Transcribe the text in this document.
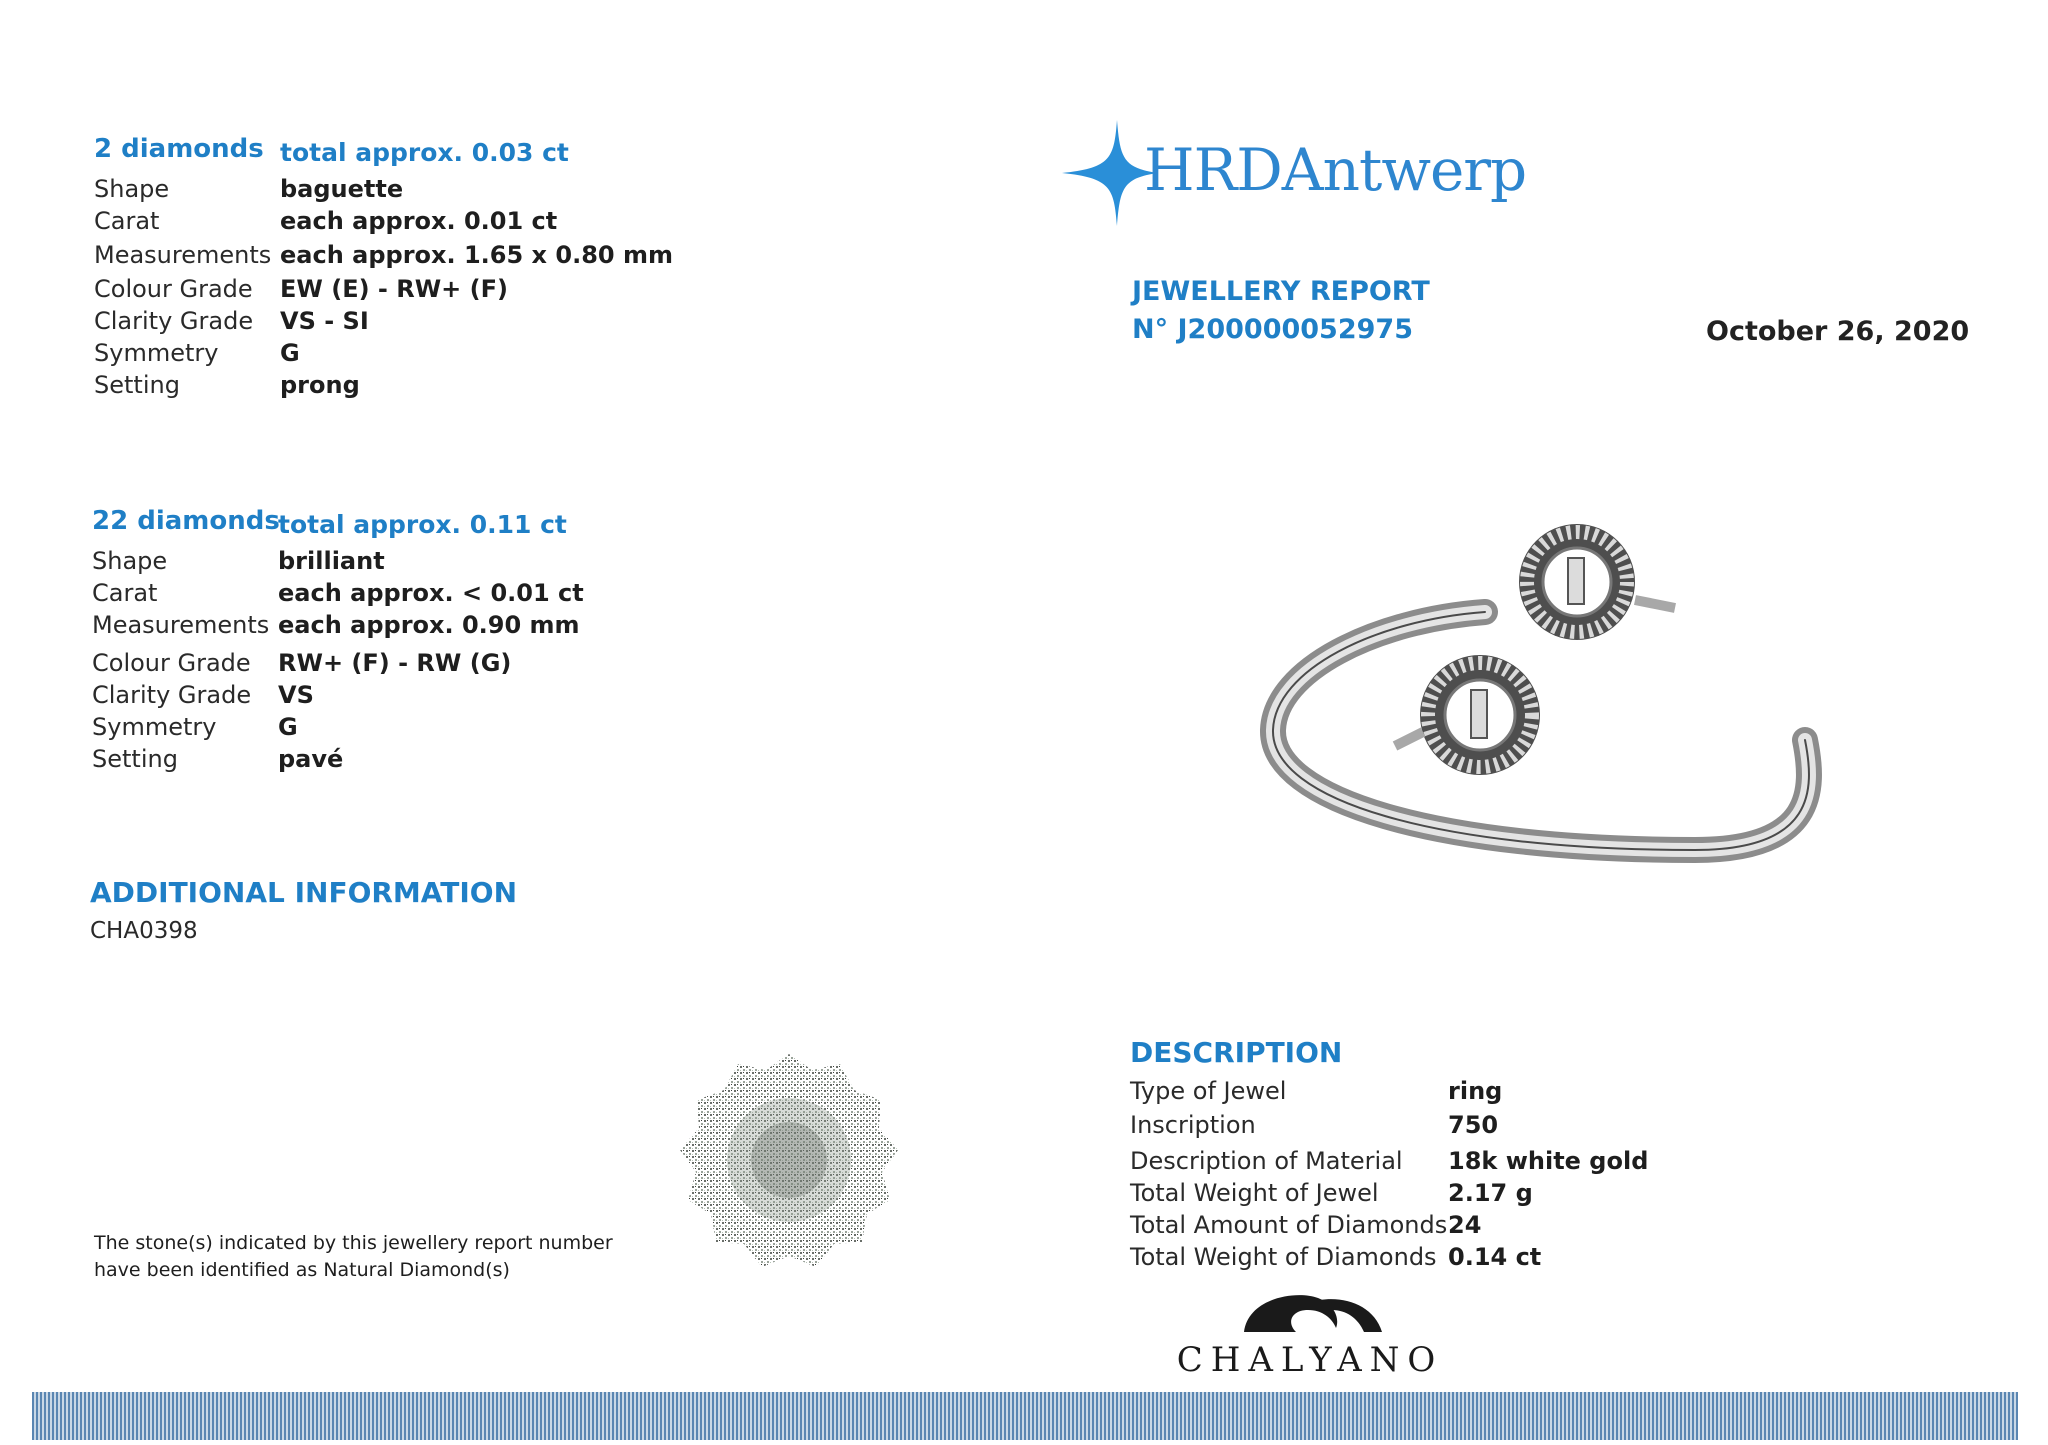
2 diamonds total approx. 0.03 ct
Shape	baguette
Carat	each approx. 0.01 ct
Measurements each approx. 1.65 x 0.80 mm
Colour Grade EW (E) - RW+ (F)
Clarity Grade VS - SI
Symmetry	G
Setting	prong
22 diamonds
total approx. 0.11 ct
Shape	brilliant
Carat	each approx. < 0.01 ct
Measurements each approx. 0.90 mm
Colour Grade RW+ (F) - RW (G)
Clarity Grade VS
Symmetry	G
Setting	pavé
ADDITIONAL INFORMATION
CHA0398
The stone(s) indicated by this jewellery report number
have been identified as Natural Diamond(s)
HRDAntwerp
JEWELLERY REPORT
N° J200000052975	October 26, 2020
DESCRIPTION
Type of Jewel	ring
Inscription	750
Description of Material 18k white gold
Total Weight of Jewel	2.17 g
Total Amount of Diamonds 24
Total Weight of Diamonds 0.14 ct
CHALYANO
